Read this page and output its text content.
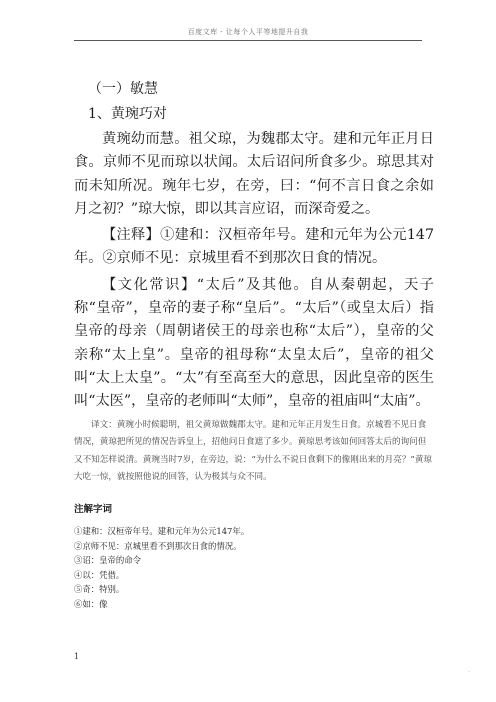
百度文库 - 让每个人平等地提升自我
（一）敏慧
1、黄琬巧对

黄琬幼而慧。祖父琼，为魏郡太守。建和元年正月日食。京师不见而琼以状闻。太后诏问所食多少。琼思其对而未知所况。琬年七岁，在旁，曰：“何不言日食之余如月之初？”琼大惊，即以其言应诏，而深奇爱之。

【注释】①建和：汉桓帝年号。建和元年为公元147年。②京师不见：京城里看不到那次日食的情况。

【文化常识】“太后”及其他。自从秦朝起，天子称“皇帝”，皇帝的妻子称“皇后”。“太后”（或皇太后）指皇帝的母亲（周朝诸侯王的母亲也称“太后”），皇帝的父亲称“太上皇”。皇帝的祖母称“太皇太后”，皇帝的祖父叫“太上太皇”。“太”有至高至大的意思，因此皇帝的医生叫“太医”，皇帝的老师叫“太师”，皇帝的祖庙叫“太庙”。

译文：黄琬小时候聪明，祖父黄琼做魏郡太守。建和元年正月发生日食。京城看不见日食情况，黄琼把所见的情况告诉皇上，招他问日食遮了多少。黄琼思考该如何回答太后的询问但又不知怎样说清。黄琬当时7岁，在旁边，说：“为什么不说日食剩下的像刚出来的月亮？”黄琼大吃一惊，就按照他说的回答，认为极其与众不同。

注解字词
①建和：汉桓帝年号。建和元年为公元147年。
②京师不见：京城里看不到那次日食的情况。
③诏：皇帝的命令
④以：凭借。
⑤奇：特别。
⑥如：像
1
·
